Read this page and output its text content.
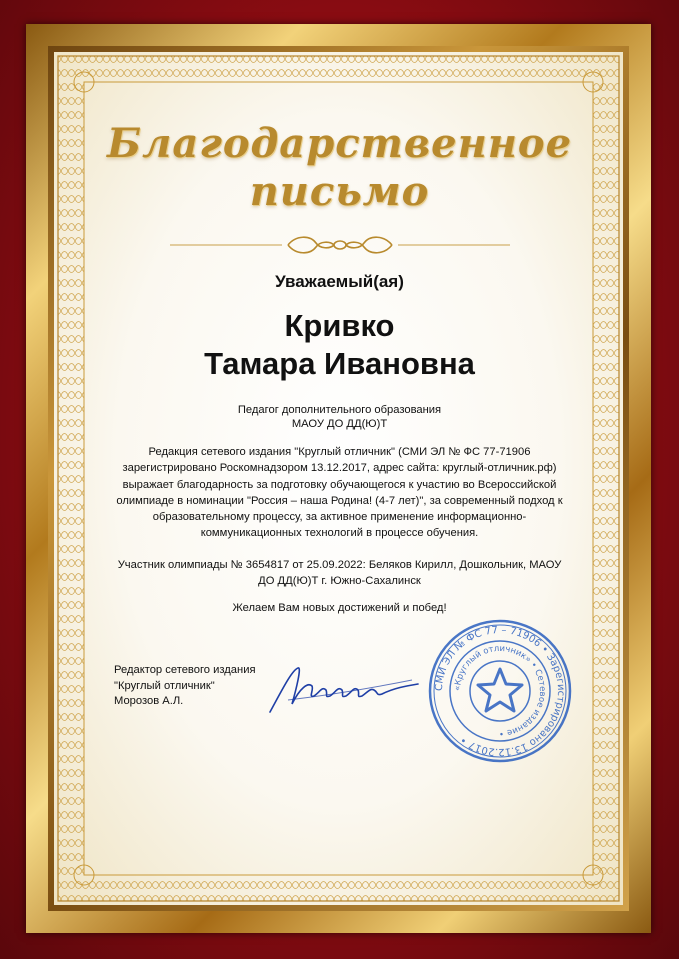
Благодарственное
письмо
Уважаемый(ая)
Кривко
Тамара Ивановна
Педагог дополнительного образования
МАОУ ДО ДД(Ю)Т
Редакция сетевого издания "Круглый отличник" (СМИ ЭЛ № ФС 77-71906
зарегистрировано Роскомнадзором 13.12.2017, адрес сайта: круглый-отличник.рф)
выражает благодарность за подготовку обучающегося к участию во Всероссийской
олимпиаде в номинации "Россия – наша Родина! (4-7 лет)", за современный подход к
образовательному процессу, за активное применение информационно-
коммуникационных технологий в процессе обучения.
Участник олимпиады № 3654817 от 25.09.2022: Беляков Кирилл, Дошкольник, МАОУ
ДО ДД(Ю)Т г. Южно-Сахалинск
Желаем Вам новых достижений и побед!
Редактор сетевого издания
"Круглый отличник"
Морозов А.Л.
СМИ ЭЛ № ФС 77 – 71906 • Зарегистрировано 13.12.2017 •
«Круглый отличник» • Сетевое издание •
